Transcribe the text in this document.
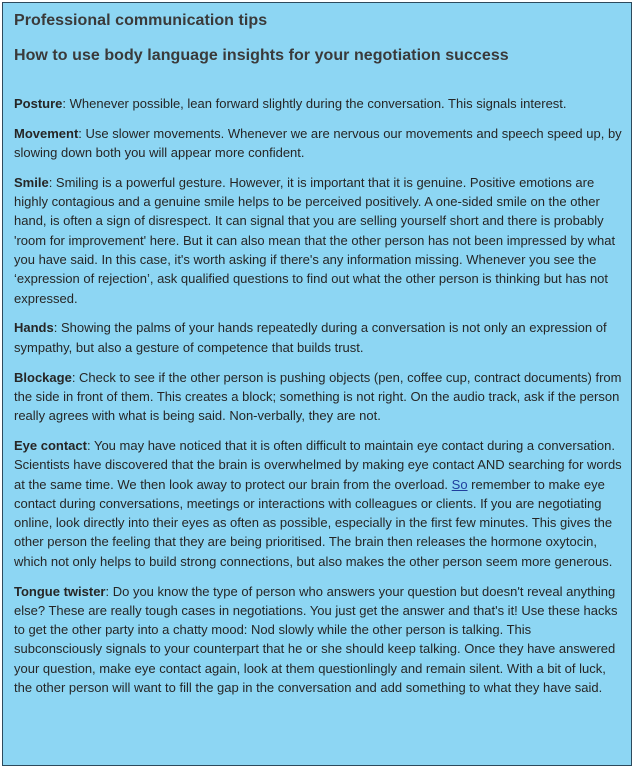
Professional communication tips
How to use body language insights for your negotiation success

Posture: Whenever possible, lean forward slightly during the conversation. This signals interest.

Movement: Use slower movements. Whenever we are nervous our movements and speech speed up, by slowing down both you will appear more confident.

Smile: Smiling is a powerful gesture. However, it is important that it is genuine. Positive emotions are highly contagious and a genuine smile helps to be perceived positively. A one-sided smile on the other hand, is often a sign of disrespect. It can signal that you are selling yourself short and there is probably 'room for improvement' here. But it can also mean that the other person has not been impressed by what you have said. In this case, it's worth asking if there's any information missing. Whenever you see the ‘expression of rejection’, ask qualified questions to find out what the other person is thinking but has not expressed.

Hands: Showing the palms of your hands repeatedly during a conversation is not only an expression of sympathy, but also a gesture of competence that builds trust.

Blockage: Check to see if the other person is pushing objects (pen, coffee cup, contract documents) from the side in front of them. This creates a block; something is not right. On the audio track, ask if the person really agrees with what is being said. Non-verbally, they are not.

Eye contact: You may have noticed that it is often difficult to maintain eye contact during a conversation. Scientists have discovered that the brain is overwhelmed by making eye contact AND searching for words at the same time. We then look away to protect our brain from the overload. So remember to make eye contact during conversations, meetings or interactions with colleagues or clients. If you are negotiating online, look directly into their eyes as often as possible, especially in the first few minutes. This gives the other person the feeling that they are being prioritised. The brain then releases the hormone oxytocin, which not only helps to build strong connections, but also makes the other person seem more generous.

Tongue twister: Do you know the type of person who answers your question but doesn't reveal anything else? These are really tough cases in negotiations. You just get the answer and that's it! Use these hacks to get the other party into a chatty mood: Nod slowly while the other person is talking. This subconsciously signals to your counterpart that he or she should keep talking. Once they have answered your question, make eye contact again, look at them questionlingly and remain silent. With a bit of luck, the other person will want to fill the gap in the conversation and add something to what they have said.
